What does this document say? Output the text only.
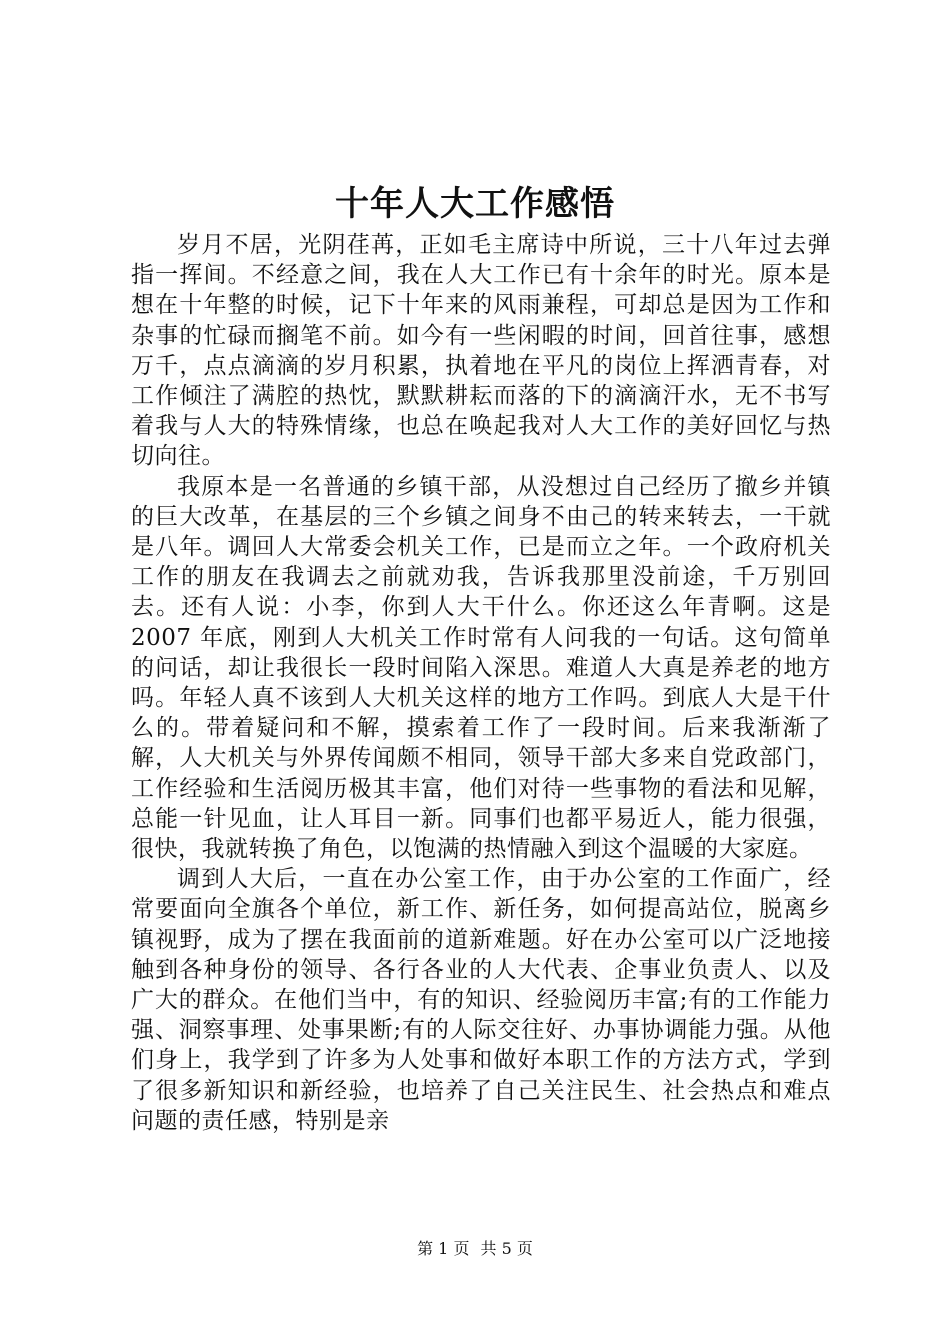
十年人大工作感悟

岁月不居，光阴荏苒，正如毛主席诗中所说，三十八年过去弹指一挥间。不经意之间，我在人大工作已有十余年的时光。原本是想在十年整的时候，记下十年来的风雨兼程，可却总是因为工作和杂事的忙碌而搁笔不前。如今有一些闲暇的时间，回首往事，感想万千，点点滴滴的岁月积累，执着地在平凡的岗位上挥洒青春，对工作倾注了满腔的热忱，默默耕耘而落的下的滴滴汗水，无不书写着我与人大的特殊情缘，也总在唤起我对人大工作的美好回忆与热切向往。

我原本是一名普通的乡镇干部，从没想过自己经历了撤乡并镇的巨大改革，在基层的三个乡镇之间身不由己的转来转去，一干就是八年。调回人大常委会机关工作，已是而立之年。一个政府机关工作的朋友在我调去之前就劝我，告诉我那里没前途，千万别回去。还有人说：小李，你到人大干什么。你还这么年青啊。这是 2007 年底，刚到人大机关工作时常有人问我的一句话。这句简单的问话，却让我很长一段时间陷入深思。难道人大真是养老的地方吗。年轻人真不该到人大机关这样的地方工作吗。到底人大是干什么的。带着疑问和不解，摸索着工作了一段时间。后来我渐渐了解，人大机关与外界传闻颇不相同，领导干部大多来自党政部门，工作经验和生活阅历极其丰富，他们对待一些事物的看法和见解，总能一针见血，让人耳目一新。同事们也都平易近人，能力很强，很快，我就转换了角色，以饱满的热情融入到这个温暖的大家庭。

调到人大后，一直在办公室工作，由于办公室的工作面广，经常要面向全旗各个单位，新工作、新任务，如何提高站位，脱离乡镇视野，成为了摆在我面前的道新难题。好在办公室可以广泛地接触到各种身份的领导、各行各业的人大代表、企事业负责人、以及广大的群众。在他们当中，有的知识、经验阅历丰富;有的工作能力强、洞察事理、处事果断;有的人际交往好、办事协调能力强。从他们身上，我学到了许多为人处事和做好本职工作的方法方式，学到了很多新知识和新经验，也培养了自己关注民生、社会热点和难点问题的责任感，特别是亲

第 1 页 共 5 页
